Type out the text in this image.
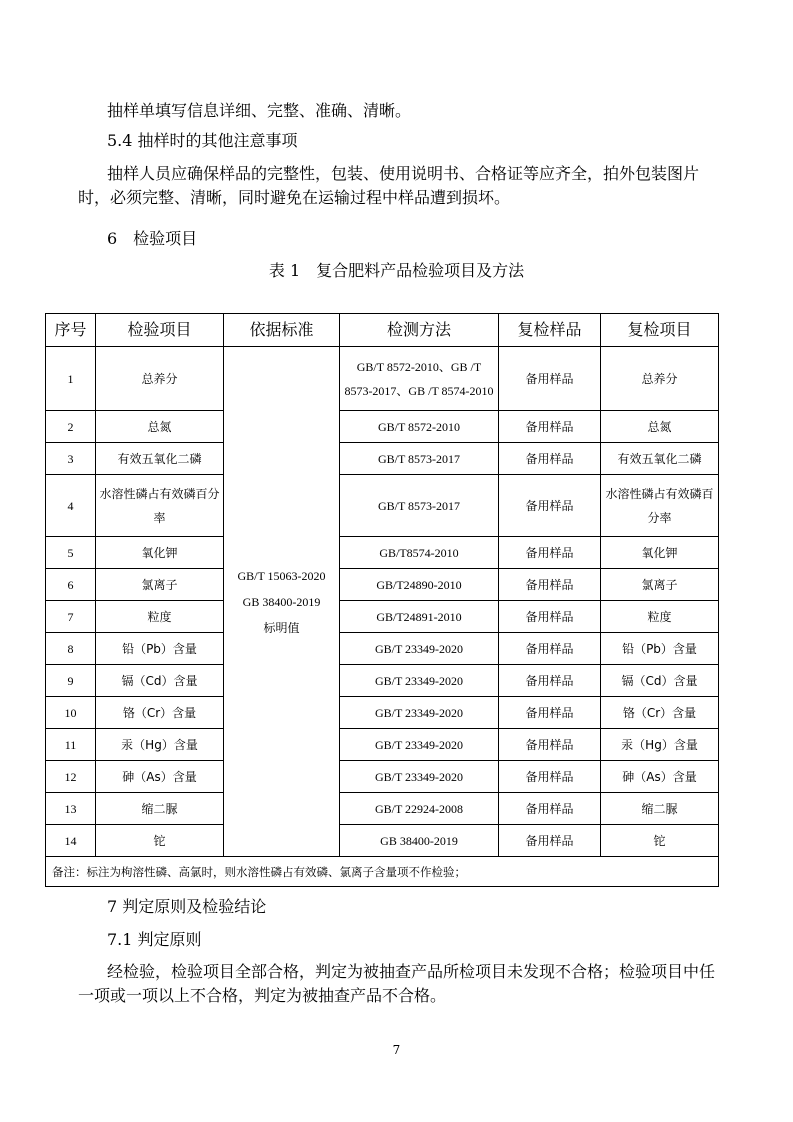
抽样单填写信息详细、完整、准确、清晰。

5.4 抽样时的其他注意事项

抽样人员应确保样品的完整性，包装、使用说明书、合格证等应齐全，拍外包装图片时，必须完整、清晰，同时避免在运输过程中样品遭到损坏。

6　检验项目

表 1　复合肥料产品检验项目及方法

序号	检验项目	依据标准	检测方法	复检样品	复检项目
1	总养分	GB/T 15063-2020
GB 38400-2019
标明值	GB/T 8572-2010、GB /T 8573-2017、GB /T 8574-2010	备用样品	总养分
2	总氮		GB/T 8572-2010	备用样品	总氮
3	有效五氧化二磷		GB/T 8573-2017	备用样品	有效五氧化二磷
4	水溶性磷占有效磷百分率		GB/T 8573-2017	备用样品	水溶性磷占有效磷百分率
5	氧化钾		GB/T8574-2010	备用样品	氧化钾
6	氯离子		GB/T24890-2010	备用样品	氯离子
7	粒度		GB/T24891-2010	备用样品	粒度
8	铅（Pb）含量		GB/T 23349-2020	备用样品	铅（Pb）含量
9	镉（Cd）含量		GB/T 23349-2020	备用样品	镉（Cd）含量
10	铬（Cr）含量		GB/T 23349-2020	备用样品	铬（Cr）含量
11	汞（Hg）含量		GB/T 23349-2020	备用样品	汞（Hg）含量
12	砷（As）含量		GB/T 23349-2020	备用样品	砷（As）含量
13	缩二脲		GB/T 22924-2008	备用样品	缩二脲
14	铊		GB 38400-2019	备用样品	铊
备注：标注为枸溶性磷、高氯时，则水溶性磷占有效磷、氯离子含量项不作检验；					

7 判定原则及检验结论

7.1 判定原则

经检验，检验项目全部合格，判定为被抽查产品所检项目未发现不合格；检验项目中任一项或一项以上不合格，判定为被抽查产品不合格。

7
